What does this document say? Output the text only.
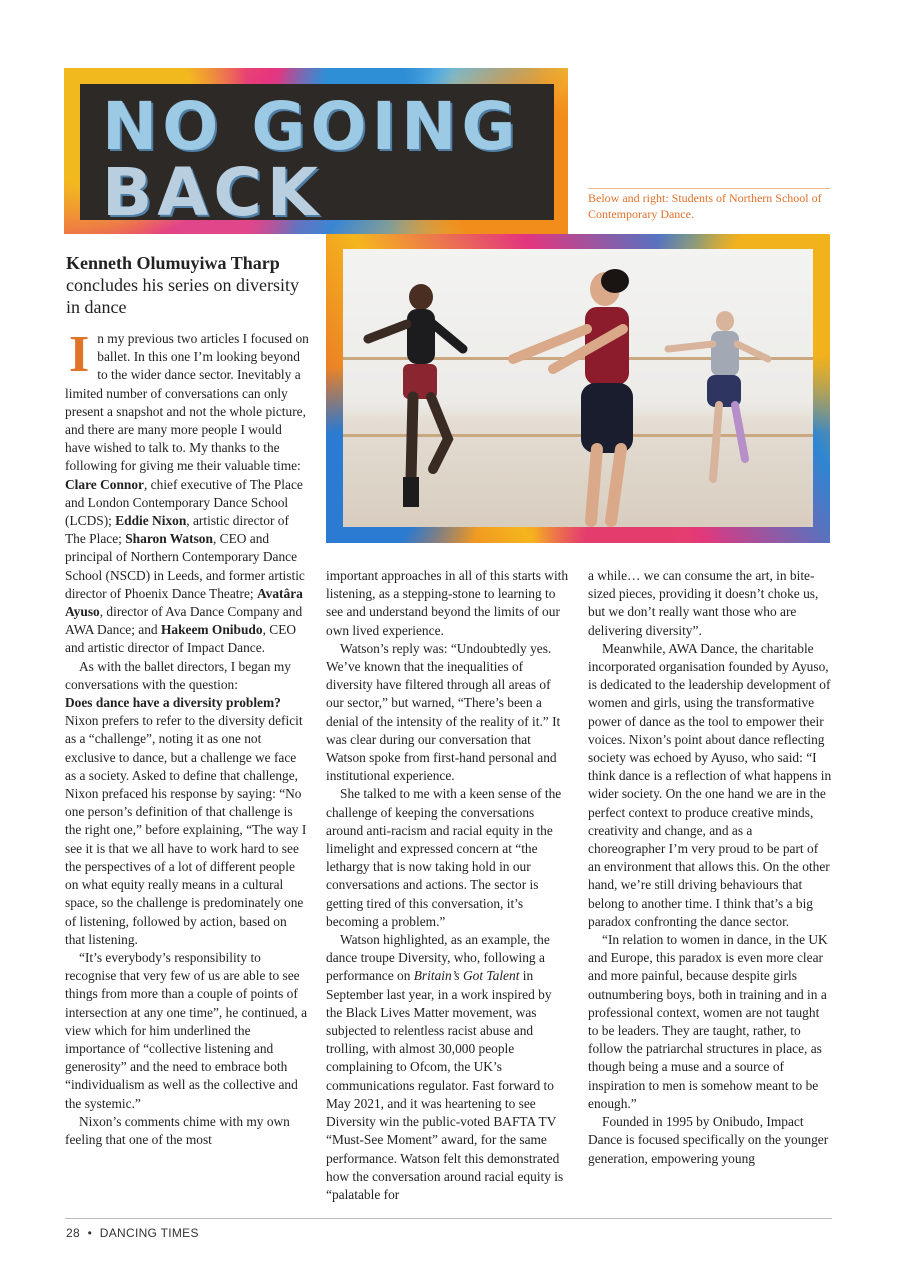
NO GOING
BACK	Below and right: Students of Northern School of Contemporary Dance.
Kenneth Olumuyiwa Tharp concludes his series on diversity in dance

In my previous two articles I focused on ballet. In this one I’m looking beyond to the wider dance sector. Inevitably a limited number of conversations can only present a snapshot and not the whole picture, and there are many more people I would have wished to talk to. My thanks to the following for giving me their valuable time: Clare Connor, chief executive of The Place and London Contemporary Dance School (LCDS); Eddie Nixon, artistic director of The Place; Sharon Watson, CEO and principal of Northern Contemporary Dance School (NSCD) in Leeds, and former artistic director of Phoenix Dance Theatre; Avatâra Ayuso, director of Ava Dance Company and AWA Dance; and Hakeem Onibudo, CEO and artistic director of Impact Dance.

As with the ballet directors, I began my conversations with the question:
Does dance have a diversity problem? Nixon prefers to refer to the diversity deficit as a “challenge”, noting it as one not exclusive to dance, but a challenge we face as a society. Asked to define that challenge, Nixon prefaced his response by saying: “No one person’s definition of that challenge is the right one,” before explaining, “The way I see it is that we all have to work hard to see the perspectives of a lot of different people on what equity really means in a cultural space, so the challenge is predominately one of listening, followed by action, based on that listening.

“It’s everybody’s responsibility to recognise that very few of us are able to see things from more than a couple of points of intersection at any one time”, he continued, a view which for him underlined the importance of “collective listening and generosity” and the need to embrace both “individualism as well as the collective and the systemic.”

Nixon’s comments chime with my own feeling that one of the most

important approaches in all of this starts with listening, as a stepping-stone to learning to see and understand beyond the limits of our own lived experience.

Watson’s reply was: “Undoubtedly yes. We’ve known that the inequalities of diversity have filtered through all areas of our sector,” but warned, “There’s been a denial of the intensity of the reality of it.” It was clear during our conversation that Watson spoke from first-hand personal and institutional experience.

She talked to me with a keen sense of the challenge of keeping the conversations around anti-racism and racial equity in the limelight and expressed concern at “the lethargy that is now taking hold in our conversations and actions. The sector is getting tired of this conversation, it’s becoming a problem.”

Watson highlighted, as an example, the dance troupe Diversity, who, following a performance on Britain’s Got Talent in September last year, in a work inspired by the Black Lives Matter movement, was subjected to relentless racist abuse and trolling, with almost 30,000 people complaining to Ofcom, the UK’s communications regulator. Fast forward to May 2021, and it was heartening to see Diversity win the public-voted BAFTA TV “Must-See Moment” award, for the same performance. Watson felt this demonstrated how the conversation around racial equity is “palatable for

a while… we can consume the art, in bite-sized pieces, providing it doesn’t choke us, but we don’t really want those who are delivering diversity”.

Meanwhile, AWA Dance, the charitable incorporated organisation founded by Ayuso, is dedicated to the leadership development of women and girls, using the transformative power of dance as the tool to empower their voices. Nixon’s point about dance reflecting society was echoed by Ayuso, who said: “I think dance is a reflection of what happens in wider society. On the one hand we are in the perfect context to produce creative minds, creativity and change, and as a choreographer I’m very proud to be part of an environment that allows this. On the other hand, we’re still driving behaviours that belong to another time. I think that’s a big paradox confronting the dance sector.

“In relation to women in dance, in the UK and Europe, this paradox is even more clear and more painful, because despite girls outnumbering boys, both in training and in a professional context, women are not taught to be leaders. They are taught, rather, to follow the patriarchal structures in place, as though being a muse and a source of inspiration to men is somehow meant to be enough.”

Founded in 1995 by Onibudo, Impact Dance is focused specifically on the younger generation, empowering young

28 • DANCING TIMES
